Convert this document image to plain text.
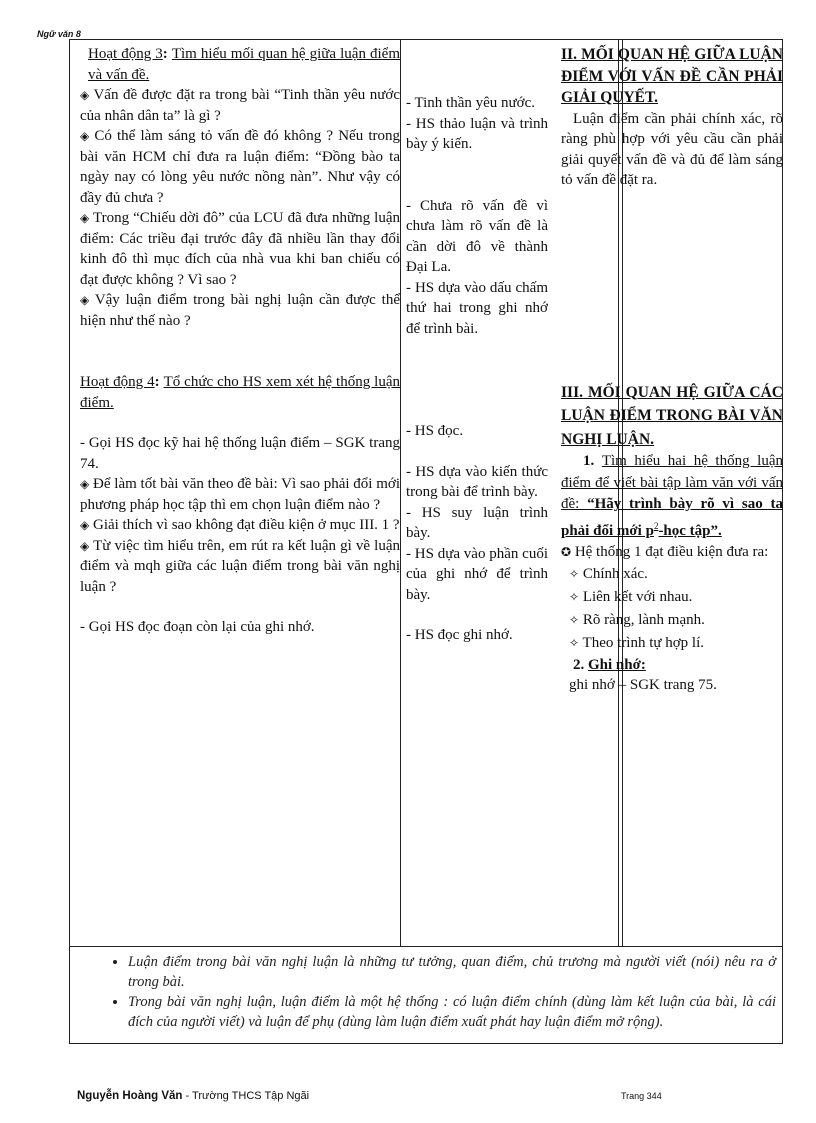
Ngữ văn 8

Hoạt động 3: Tìm hiểu mối quan hệ giữa luận điểm và vấn đề.

◈ Vấn đề được đặt ra trong bài “Tinh thần yêu nước của nhân dân ta” là gì ?

◈ Có thể làm sáng tỏ vấn đề đó không ? Nếu trong bài văn HCM chỉ đưa ra luận điểm: “Đồng bào ta ngày nay có lòng yêu nước nồng nàn”. Như vậy có đầy đủ chưa ?

◈ Trong “Chiếu dời đô” của LCU đã đưa những luận điểm: Các triều đại trước đây đã nhiều lần thay đổi kinh đô thì mục đích của nhà vua khi ban chiếu có đạt được không ? Vì sao ?

◈ Vậy luận điểm trong bài nghị luận cần được thể hiện như thế nào ?

Hoạt động 4: Tổ chức cho HS xem xét hệ thống luận điểm.

- Gọi HS đọc kỹ hai hệ thống luận điểm – SGK trang 74.

◈ Để làm tốt bài văn theo đề bài: Vì sao phải đổi mới phương pháp học tập thì em chọn luận điểm nào ?

◈ Giải thích vì sao không đạt điều kiện ở mục III. 1 ?

◈ Từ việc tìm hiểu trên, em rút ra kết luận gì về luận điểm và mqh giữa các luận điểm trong bài văn nghị luận ?

- Gọi HS đọc đoạn còn lại của ghi nhớ.

- Tinh thần yêu nước.

- HS thảo luận và trình bày ý kiến.

- Chưa rõ vấn đề vì chưa làm rõ vấn đề là cần dời đô về thành Đại La.

- HS dựa vào dấu chấm thứ hai trong ghi nhớ để trình bài.

- HS đọc.

- HS dựa vào kiến thức trong bài để trình bày.

- HS suy luận trình bày.

- HS dựa vào phần cuối của ghi nhớ để trình bày.

- HS đọc ghi nhớ.

II. MỐI QUAN HỆ GIỮA LUẬN ĐIỂM VỚI VẤN ĐỀ CẦN PHẢI GIẢI QUYẾT.

Luận điểm cần phải chính xác, rõ ràng phù hợp với yêu cầu cần phải giải quyết vấn đề và đủ để làm sáng tỏ vấn đề đặt ra.

III. MỐI QUAN HỆ GIỮA CÁC LUẬN ĐIỂM TRONG BÀI VĂN NGHỊ LUẬN.

1. Tìm hiểu hai hệ thống luận điểm để viết bài tập làm văn với vấn đề: “Hãy trình bày rõ vì sao ta phải đổi mới $p^2$-học tập”.

✪ Hệ thống 1 đạt điều kiện đưa ra:

✧ Chính xác.

✧ Liên kết với nhau.

✧ Rõ ràng, lành mạnh.

✧ Theo trình tự hợp lí.

2. Ghi nhớ:

ghi nhớ – SGK trang 75.

• Luận điểm trong bài văn nghị luận là những tư tưởng, quan điểm, chủ trương mà người viết (nói) nêu ra ở trong bài.
• Trong bài văn nghị luận, luận điểm là một hệ thống : có luận điểm chính (dùng làm kết luận của bài, là cái đích của người viết) và luận để phụ (dùng làm luận điểm xuất phát hay luận điểm mở rộng).
Nguyễn Hoàng Văn - Trường THCS Tập Ngãi	Trang 344
